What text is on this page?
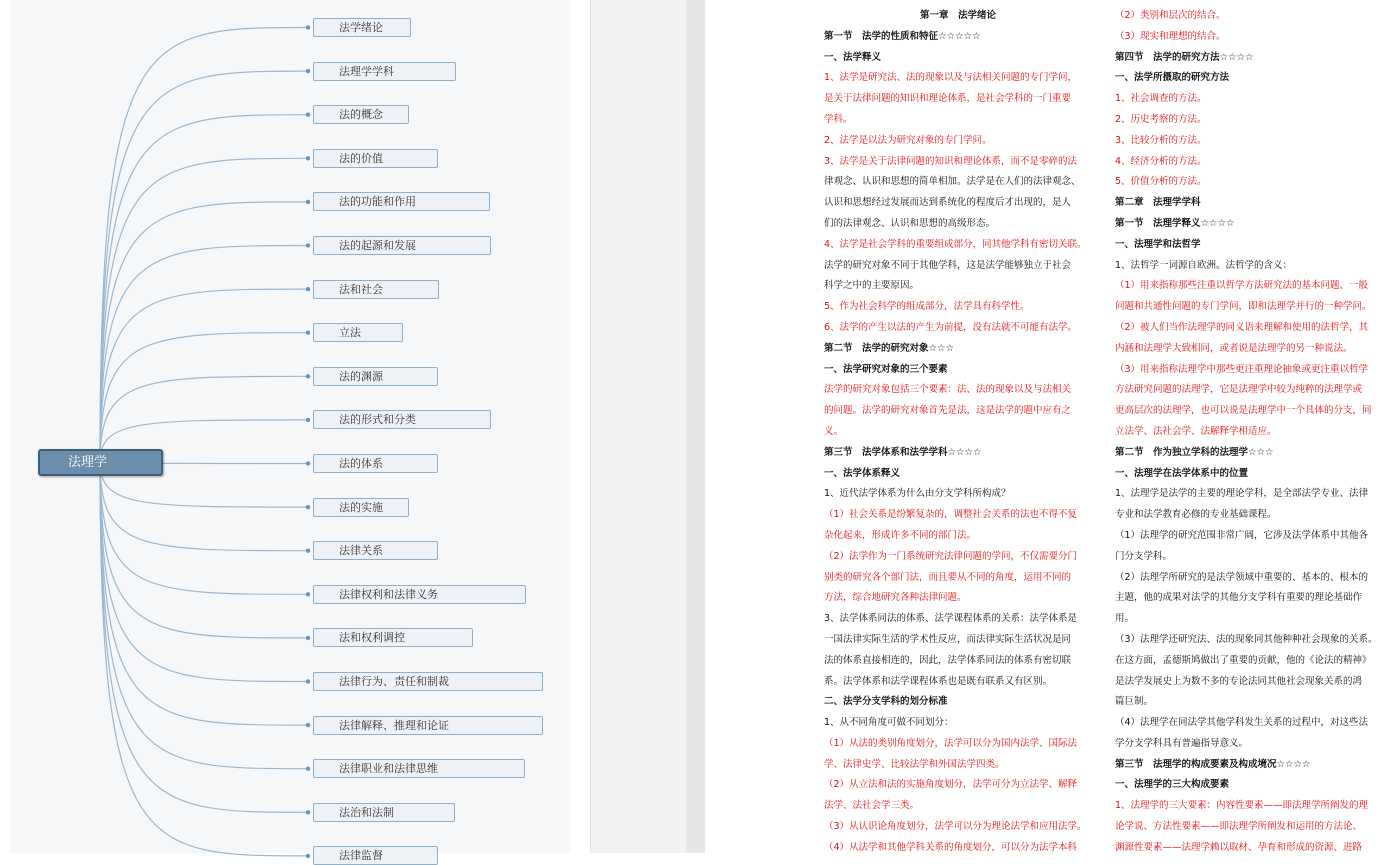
法理学
法学绪论
法理学学科
法的概念
法的价值
法的功能和作用
法的起源和发展
法和社会
立法
法的渊源
法的形式和分类
法的体系
法的实施
法律关系
法律权利和法律义务
法和权利调控
法律行为、责任和制裁
法律解释、推理和论证
法律职业和法律思维
法治和法制
法律监督
第一章　法学绪论
第一节　法学的性质和特征☆☆☆☆☆
一、法学释义
1、法学是研究法、法的现象以及与法相关问题的专门学问，
是关于法律问题的知识和理论体系，是社会学科的一门重要
学科。
2、法学是以法为研究对象的专门学问。
3、法学是关于法律问题的知识和理论体系，而不是零碎的法
律观念、认识和思想的简单相加。法学是在人们的法律观念、
认识和思想经过发展而达到系统化的程度后才出现的，是人
们的法律观念、认识和思想的高级形态。
4、法学是社会学科的重要组成部分，同其他学科有密切关联。
法学的研究对象不同于其他学科，这是法学能够独立于社会
科学之中的主要原因。
5、作为社会科学的组成部分，法学具有科学性。
6、法学的产生以法的产生为前提，没有法就不可能有法学。
第二节　法学的研究对象☆☆☆
一、法学研究对象的三个要素
法学的研究对象包括三个要素：法、法的现象以及与法相关
的问题。法学的研究对象首先是法，这是法学的题中应有之
义。
第三节　法学体系和法学学科☆☆☆☆
一、法学体系释义
1、近代法学体系为什么由分支学科所构成？
（1）社会关系是纷繁复杂的，调整社会关系的法也不得不复
杂化起来，形成许多不同的部门法。
（2）法学作为一门系统研究法律问题的学问，不仅需要分门
别类的研究各个部门法，而且要从不同的角度，运用不同的
方法，综合地研究各种法律问题。
3、法学体系同法的体系、法学课程体系的关系：法学体系是
一国法律实际生活的学术性反应，而法律实际生活状况是同
法的体系直接相连的，因此，法学体系同法的体系有密切联
系。法学体系和法学课程体系也是既有联系又有区别。
二、法学分支学科的划分标准
1、从不同角度可做不同划分：
（1）从法的类别角度划分，法学可以分为国内法学、国际法
学、法律史学、比较法学和外国法学四类。
（2）从立法和法的实施角度划分，法学可分为立法学、解释
法学、法社会学三类。
（3）从认识论角度划分，法学可以分为理论法学和应用法学。
（4）从法学和其他学科关系的角度划分，可以分为法学本科
（2）类别和层次的结合。
（3）现实和理想的结合。
第四节　法学的研究方法☆☆☆☆
一、法学所摄取的研究方法
1、社会调查的方法。
2、历史考察的方法。
3、比较分析的方法。
4、经济分析的方法。
5、价值分析的方法。
第二章　法理学学科
第一节　法理学释义☆☆☆☆
一、法理学和法哲学
1、法哲学一词源自欧洲。法哲学的含义：
（1）用来指称那些注重以哲学方法研究法的基本问题、一般
问题和共通性问题的专门学问，即和法理学并行的一种学问。
（2）被人们当作法理学的同义语来理解和使用的法哲学，其
内涵和法理学大致相同，或者说是法理学的另一种说法。
（3）用来指称法理学中那些更注重理论抽象或更注重以哲学
方法研究问题的法理学，它是法理学中较为纯粹的法理学或
更高层次的法理学，也可以说是法理学中一个具体的分支，同
立法学、法社会学、法解释学相适应。
第二节　作为独立学科的法理学☆☆☆
一、法理学在法学体系中的位置
1、法理学是法学的主要的理论学科，是全部法学专业、法律
专业和法学教育必修的专业基础课程。
（1）法理学的研究范围非常广阔，它涉及法学体系中其他各
门分支学科。
（2）法理学所研究的是法学领域中重要的、基本的、根本的
主题，他的成果对法学的其他分支学科有重要的理论基础作
用。
（3）法理学还研究法、法的现象同其他种种社会现象的关系。
在这方面，孟德斯鸠做出了重要的贡献，他的《论法的精神》
是法学发展史上为数不多的专论法同其他社会现象关系的鸿
篇巨制。
（4）法理学在同法学其他学科发生关系的过程中，对这些法
学分支学科具有普遍指导意义。
第三节　法理学的构成要素及构成境况☆☆☆☆
一、法理学的三大构成要素
1、法理学的三大要素：内容性要素——即法理学所阐发的理
论学说、方法性要素——即法理学所阐发和运用的方法论、
渊源性要素——法理学赖以取材、孕育和形成的资源、进路
